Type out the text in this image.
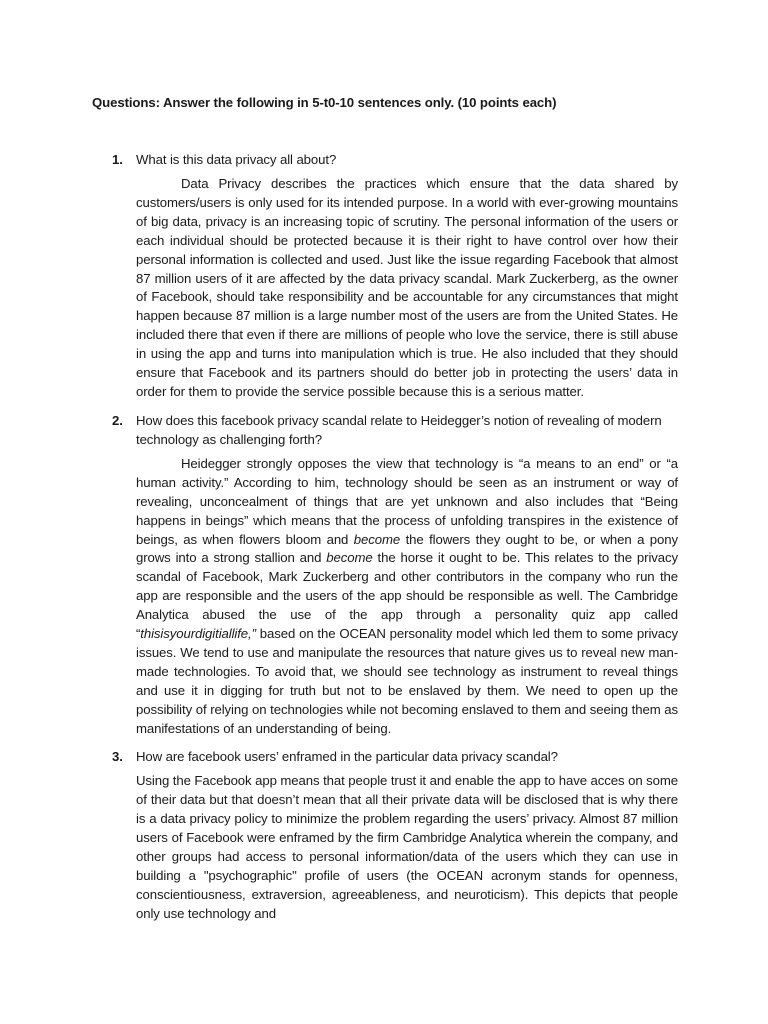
Questions: Answer the following in 5-t0-10 sentences only. (10 points each)
1. What is this data privacy all about?

Data Privacy describes the practices which ensure that the data shared by customers/users is only used for its intended purpose. In a world with ever-growing mountains of big data, privacy is an increasing topic of scrutiny. The personal information of the users or each individual should be protected because it is their right to have control over how their personal information is collected and used. Just like the issue regarding Facebook that almost 87 million users of it are affected by the data privacy scandal. Mark Zuckerberg, as the owner of Facebook, should take responsibility and be accountable for any circumstances that might happen because 87 million is a large number most of the users are from the United States. He included there that even if there are millions of people who love the service, there is still abuse in using the app and turns into manipulation which is true. He also included that they should ensure that Facebook and its partners should do better job in protecting the users’ data in order for them to provide the service possible because this is a serious matter.

2. How does this facebook privacy scandal relate to Heidegger’s notion of revealing of modern technology as challenging forth?

Heidegger strongly opposes the view that technology is “a means to an end” or “a human activity.” According to him, technology should be seen as an instrument or way of revealing, unconcealment of things that are yet unknown and also includes that “Being happens in beings” which means that the process of unfolding transpires in the existence of beings, as when flowers bloom and become the flowers they ought to be, or when a pony grows into a strong stallion and become the horse it ought to be. This relates to the privacy scandal of Facebook, Mark Zuckerberg and other contributors in the company who run the app are responsible and the users of the app should be responsible as well. The Cambridge Analytica abused the use of the app through a personality quiz app called “thisisyourdigitiallife,” based on the OCEAN personality model which led them to some privacy issues. We tend to use and manipulate the resources that nature gives us to reveal new man-made technologies. To avoid that, we should see technology as instrument to reveal things and use it in digging for truth but not to be enslaved by them. We need to open up the possibility of relying on technologies while not becoming enslaved to them and seeing them as manifestations of an understanding of being.

3. How are facebook users’ enframed in the particular data privacy scandal?

Using the Facebook app means that people trust it and enable the app to have acces on some of their data but that doesn’t mean that all their private data will be disclosed that is why there is a data privacy policy to minimize the problem regarding the users’ privacy. Almost 87 million users of Facebook were enframed by the firm Cambridge Analytica wherein the company, and other groups had access to personal information/data of the users which they can use in building a "psychographic" profile of users (the OCEAN acronym stands for openness, conscientiousness, extraversion, agreeableness, and neuroticism). This depicts that people only use technology and
